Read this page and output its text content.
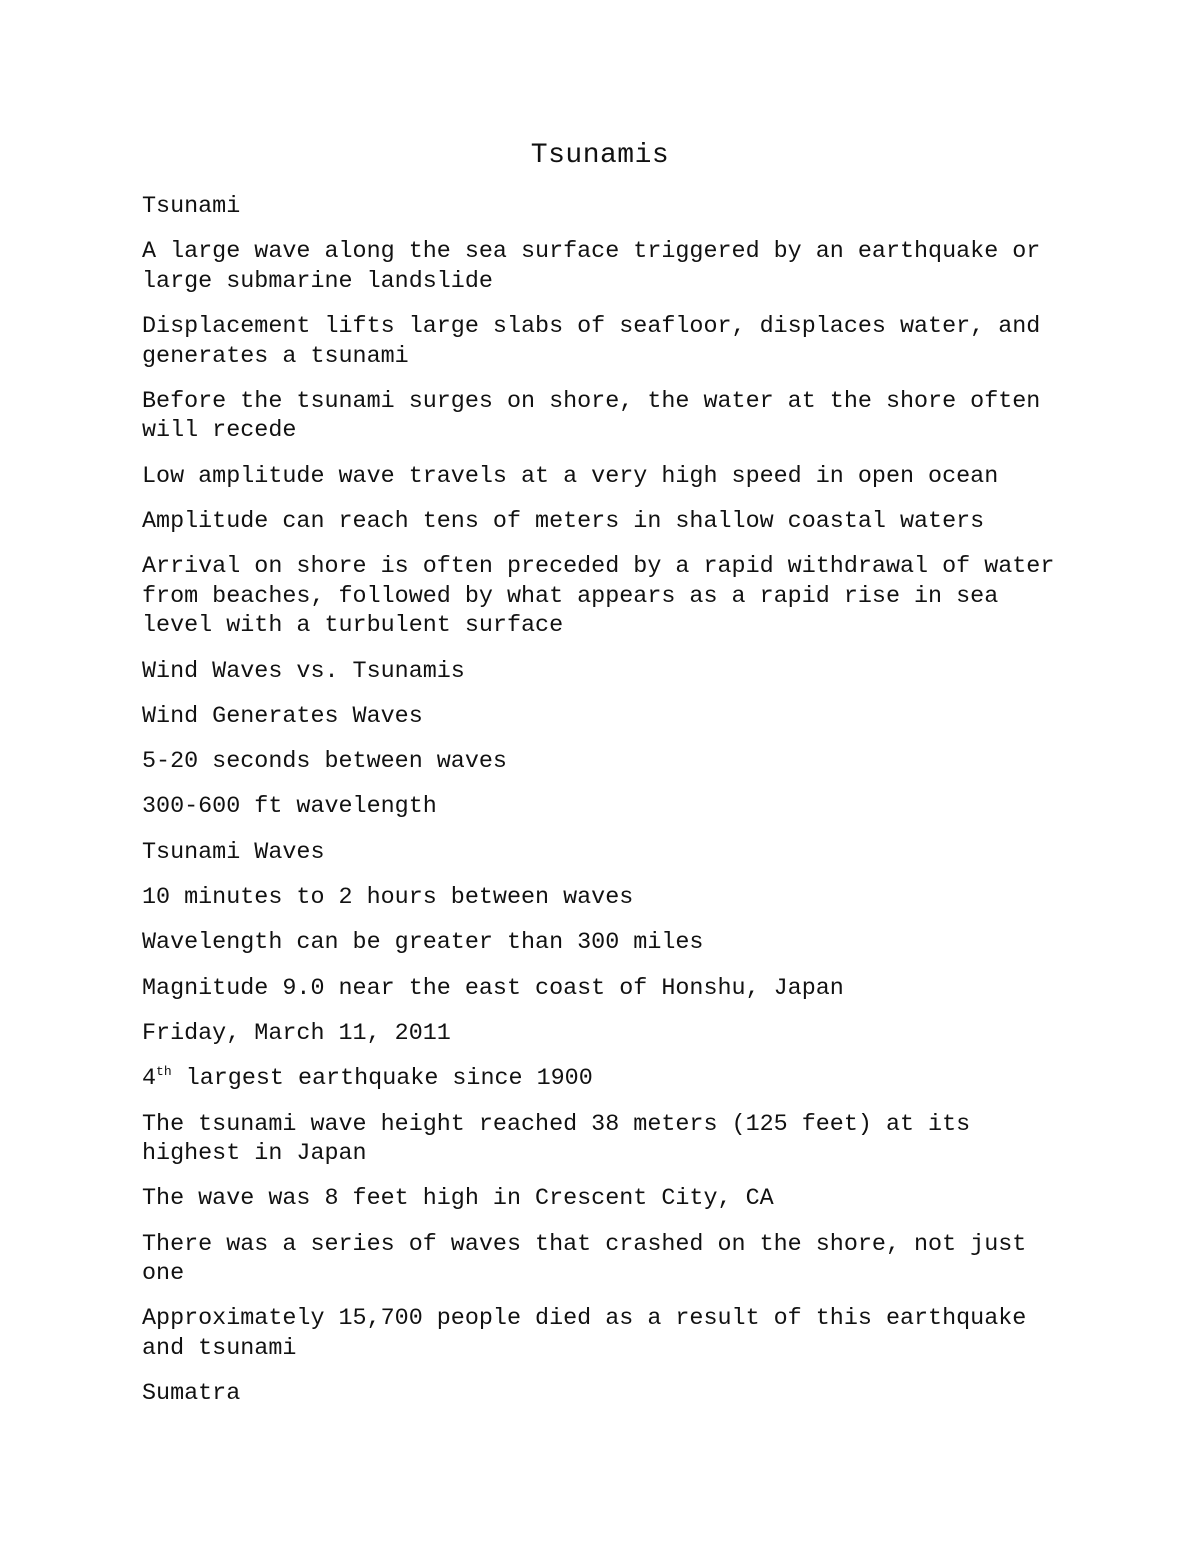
Tsunamis

Tsunami

A large wave along the sea surface triggered by an earthquake or
large submarine landslide

Displacement lifts large slabs of seafloor, displaces water, and
generates a tsunami

Before the tsunami surges on shore, the water at the shore often
will recede

Low amplitude wave travels at a very high speed in open ocean

Amplitude can reach tens of meters in shallow coastal waters

Arrival on shore is often preceded by a rapid withdrawal of water
from beaches, followed by what appears as a rapid rise in sea
level with a turbulent surface

Wind Waves vs. Tsunamis

Wind Generates Waves

5-20 seconds between waves

300-600 ft wavelength

Tsunami Waves

10 minutes to 2 hours between waves

Wavelength can be greater than 300 miles

Magnitude 9.0 near the east coast of Honshu, Japan

Friday, March 11, 2011

4th largest earthquake since 1900

The tsunami wave height reached 38 meters (125 feet) at its
highest in Japan

The wave was 8 feet high in Crescent City, CA

There was a series of waves that crashed on the shore, not just
one

Approximately 15,700 people died as a result of this earthquake
and tsunami

Sumatra
